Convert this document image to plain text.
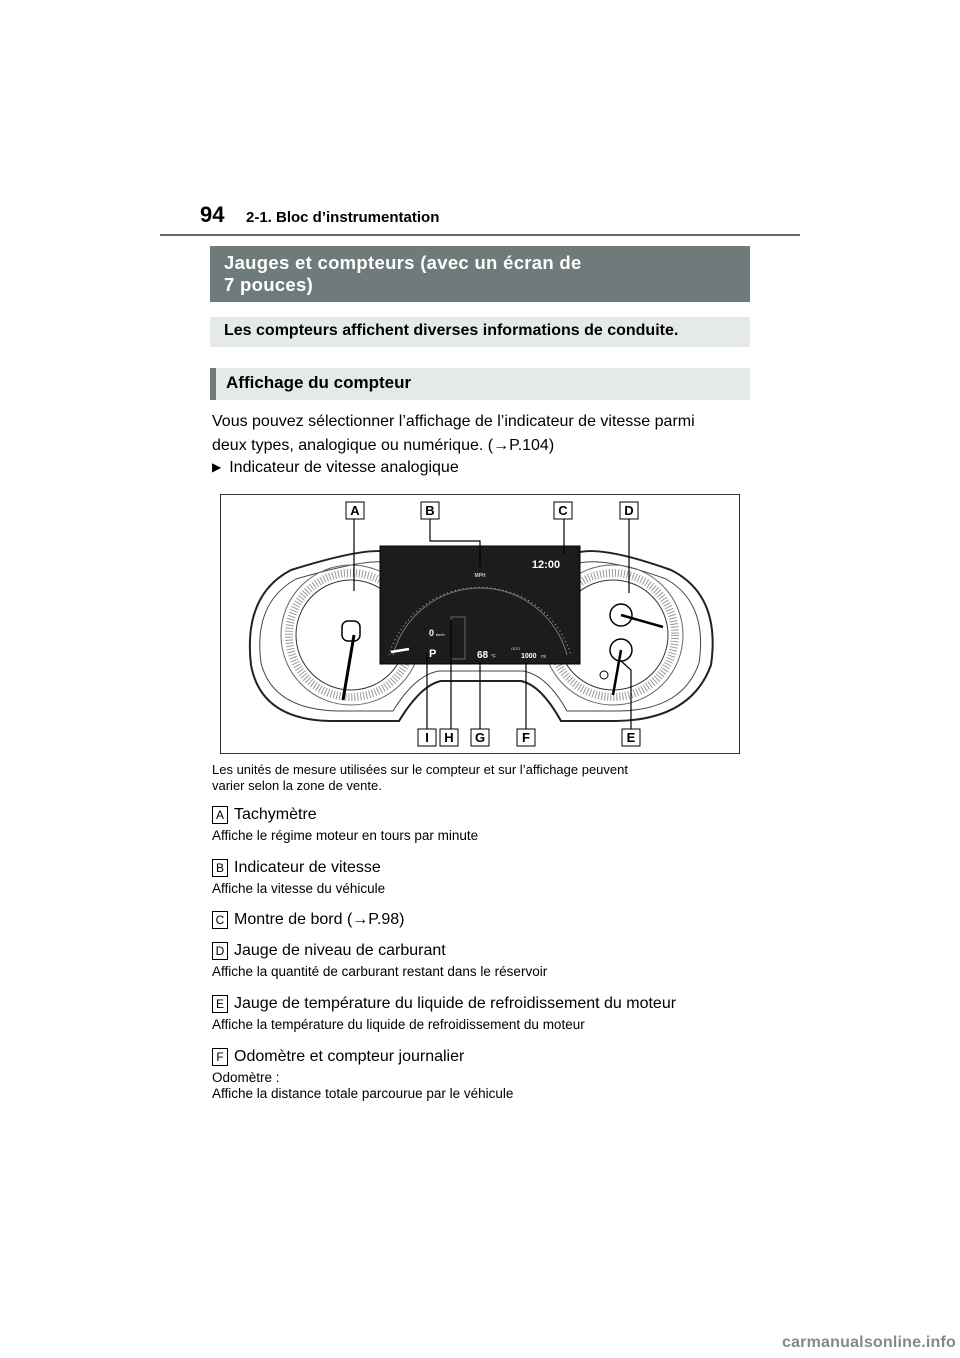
94 2-1. Bloc d’instrumentation
Jauges et compteurs (avec un écran de
7 pouces)
Les compteurs affichent diverses informations de conduite.
Affichage du compteur
Vous pouvez sélectionner l’affichage de l’indicateur de vitesse parmi
deux types, analogique ou numérique. (→P.104)
▶ Indicateur de vitesse analogique
12:00
MPH
0 km/h
P	68 °F
ODO
1000 mi
A	B	C	D
I H G	F	E
Les unités de mesure utilisées sur le compteur et sur l’affichage peuvent
varier selon la zone de vente.
A Tachymètre
Affiche le régime moteur en tours par minute
B Indicateur de vitesse
Affiche la vitesse du véhicule
C Montre de bord (→P.98)
D Jauge de niveau de carburant
Affiche la quantité de carburant restant dans le réservoir
E Jauge de température du liquide de refroidissement du moteur
Affiche la température du liquide de refroidissement du moteur
F Odomètre et compteur journalier
Odomètre :
Affiche la distance totale parcourue par le véhicule
carmanualsonline.info
